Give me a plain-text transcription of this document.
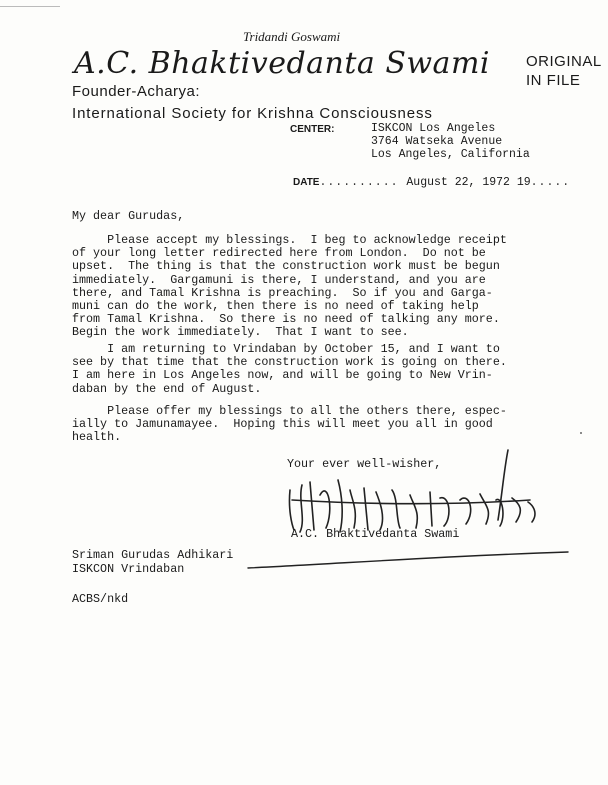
Tridandi Goswami
A.C. Bhaktivedanta Swami ORIGINAL
IN FILE
Founder-Acharya:
International Society for Krishna Consciousness
CENTER:	ISKCON Los Angeles
3764 Watseka Avenue
Los Angeles, California
DATE.......... August 22, 1972 19.....
My dear Gurudas,
Please accept my blessings.  I beg to acknowledge receipt
of your long letter redirected here from London.  Do not be
upset.  The thing is that the construction work must be begun
immediately.  Gargamuni is there, I understand, and you are
there, and Tamal Krishna is preaching.  So if you and Garga-
muni can do the work, then there is no need of taking help
from Tamal Krishna.  So there is no need of talking any more.
Begin the work immediately.  That I want to see.
I am returning to Vrindaban by October 15, and I want to
see by that time that the construction work is going on there.
I am here in Los Angeles now, and will be going to New Vrin-
daban by the end of August.
Please offer my blessings to all the others there, espec-
ially to Jamunamayee.  Hoping this will meet you all in good
health.
Your ever well-wisher,
A.C. Bhaktivedanta Swami
Sriman Gurudas Adhikari
ISKCON Vrindaban
ACBS/nkd
